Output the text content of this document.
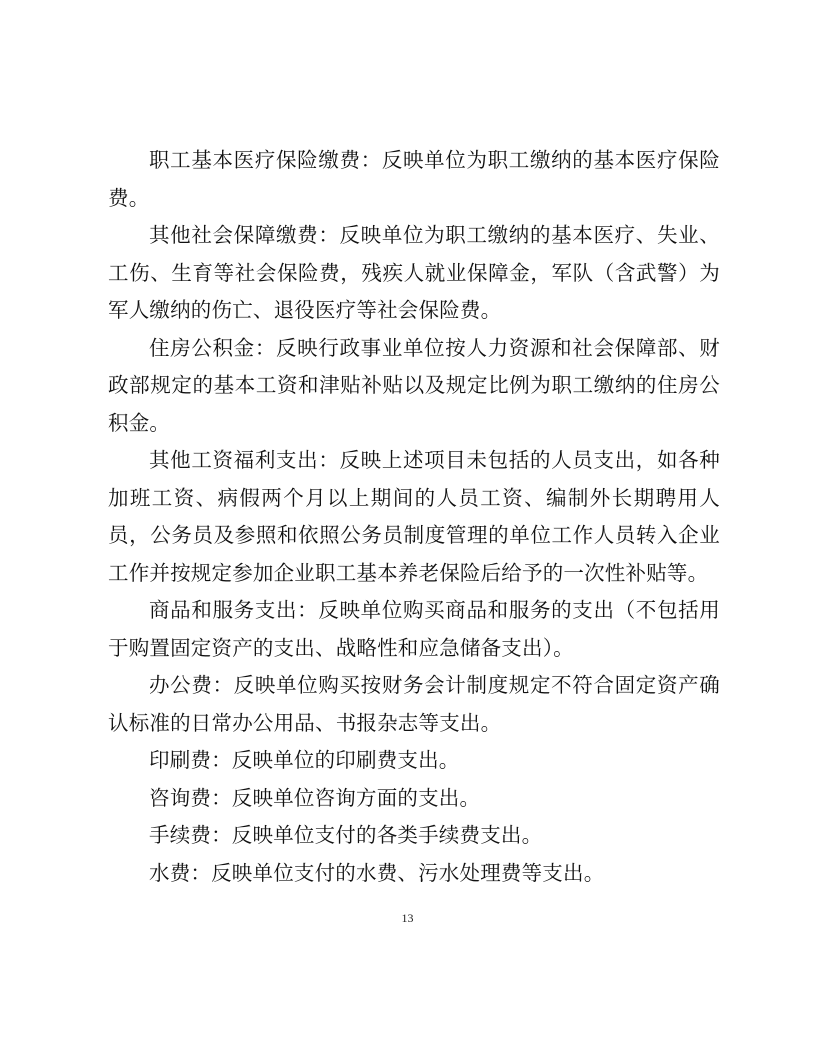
职工基本医疗保险缴费：反映单位为职工缴纳的基本医疗保险费。

其他社会保障缴费：反映单位为职工缴纳的基本医疗、失业、工伤、生育等社会保险费，残疾人就业保障金，军队（含武警）为军人缴纳的伤亡、退役医疗等社会保险费。

住房公积金：反映行政事业单位按人力资源和社会保障部、财政部规定的基本工资和津贴补贴以及规定比例为职工缴纳的住房公积金。

其他工资福利支出：反映上述项目未包括的人员支出，如各种加班工资、病假两个月以上期间的人员工资、编制外长期聘用人员，公务员及参照和依照公务员制度管理的单位工作人员转入企业工作并按规定参加企业职工基本养老保险后给予的一次性补贴等。

商品和服务支出：反映单位购买商品和服务的支出（不包括用于购置固定资产的支出、战略性和应急储备支出）。

办公费：反映单位购买按财务会计制度规定不符合固定资产确认标准的日常办公用品、书报杂志等支出。

印刷费：反映单位的印刷费支出。

咨询费：反映单位咨询方面的支出。

手续费：反映单位支付的各类手续费支出。

水费：反映单位支付的水费、污水处理费等支出。

13
